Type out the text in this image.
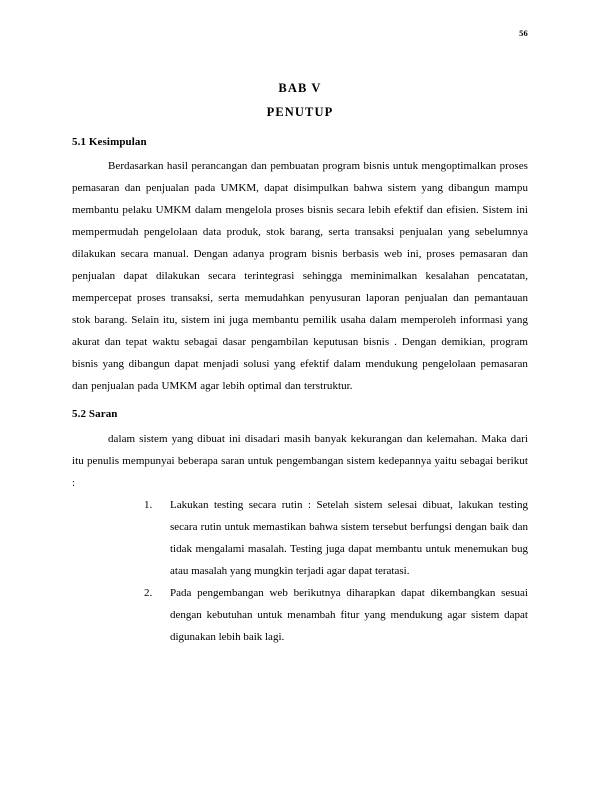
56
BAB V
PENUTUP
5.1 Kesimpulan

Berdasarkan hasil perancangan dan pembuatan program bisnis untuk mengoptimalkan proses pemasaran dan penjualan pada UMKM, dapat disimpulkan bahwa sistem yang dibangun mampu membantu pelaku UMKM dalam mengelola proses bisnis secara lebih efektif dan efisien. Sistem ini mempermudah pengelolaan data produk, stok barang, serta transaksi penjualan yang sebelumnya dilakukan secara manual. Dengan adanya program bisnis berbasis web ini, proses pemasaran dan penjualan dapat dilakukan secara terintegrasi sehingga meminimalkan kesalahan pencatatan, mempercepat proses transaksi, serta memudahkan penyusuran laporan penjualan dan pemantauan stok barang. Selain itu, sistem ini juga membantu pemilik usaha dalam memperoleh informasi yang akurat dan tepat waktu sebagai dasar pengambilan keputusan bisnis . Dengan demikian, program bisnis yang dibangun dapat menjadi solusi yang efektif dalam mendukung pengelolaan pemasaran dan penjualan pada UMKM agar lebih optimal dan terstruktur.

5.2 Saran

dalam sistem yang dibuat ini disadari masih banyak kekurangan dan kelemahan. Maka dari itu penulis mempunyai beberapa saran untuk pengembangan sistem kedepannya yaitu sebagai berikut :

1. Lakukan testing secara rutin : Setelah sistem selesai dibuat, lakukan testing secara rutin untuk memastikan bahwa sistem tersebut berfungsi dengan baik dan tidak mengalami masalah. Testing juga dapat membantu untuk menemukan bug atau masalah yang mungkin terjadi agar dapat teratasi.
2. Pada pengembangan web berikutnya diharapkan dapat dikembangkan sesuai dengan kebutuhan untuk menambah fitur yang mendukung agar sistem dapat digunakan lebih baik lagi.
